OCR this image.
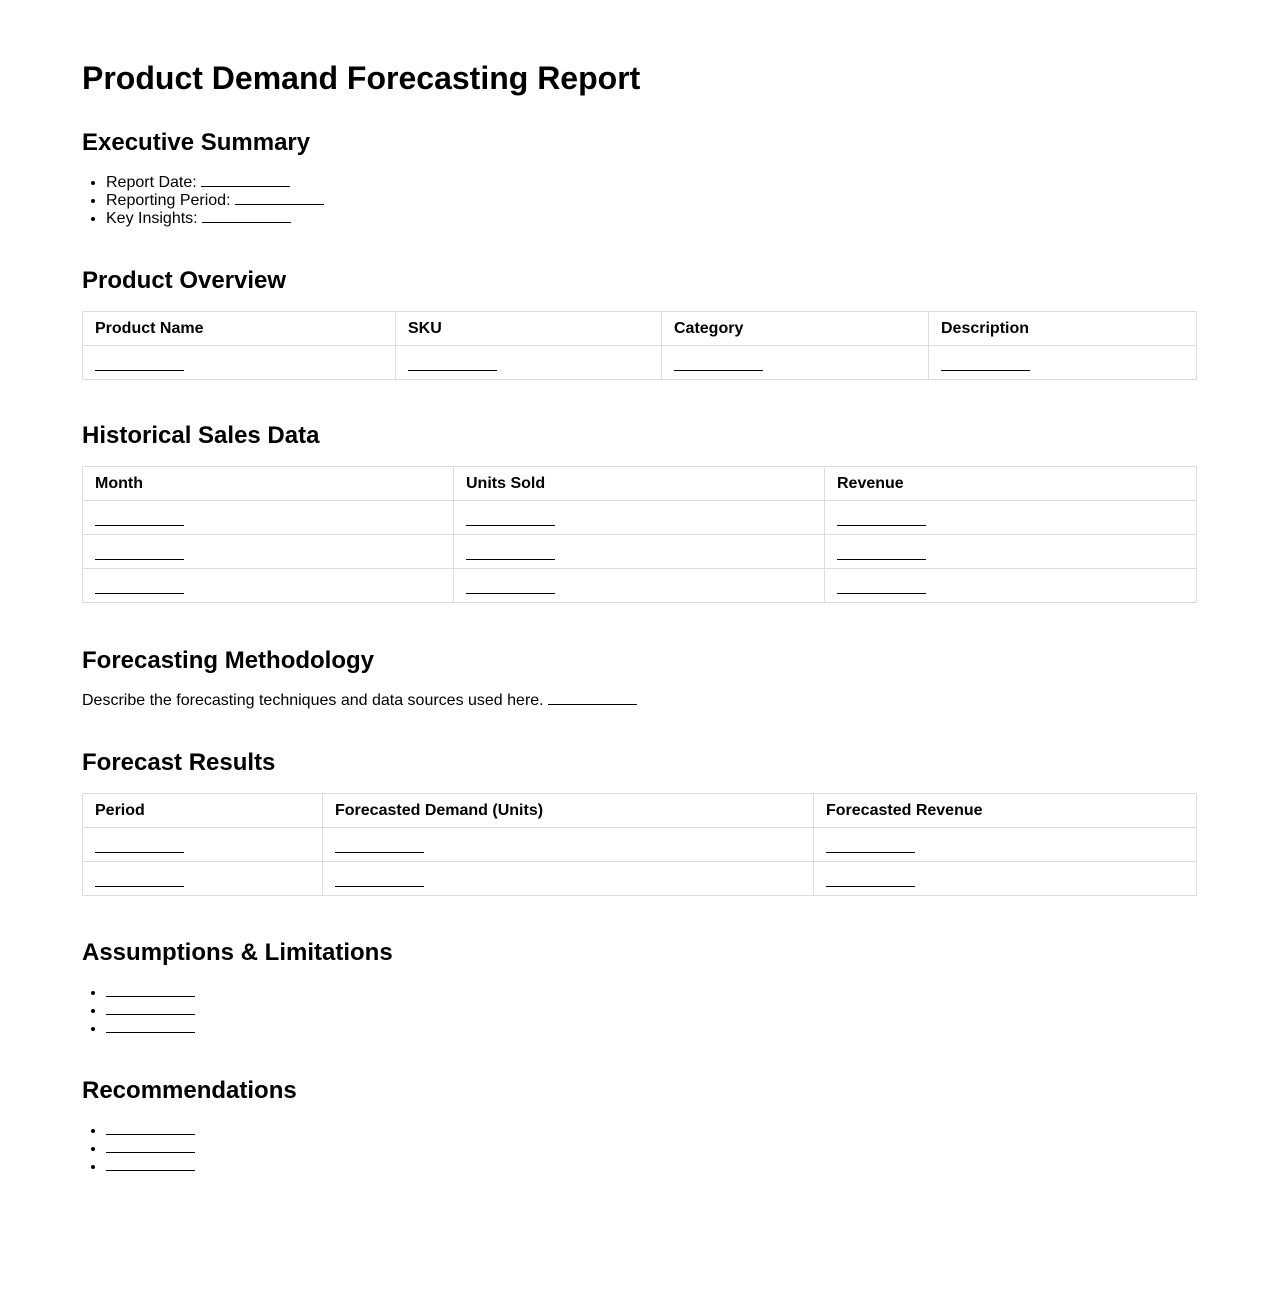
Product Demand Forecasting Report
Executive Summary
• Report Date:
• Reporting Period:
• Key Insights:
Product Overview
Product Name	SKU	Category	Description

Historical Sales Data
Month	Units Sold	Revenue

Forecasting Methodology

Describe the forecasting techniques and data sources used here.

Forecast Results
Period	Forecasted Demand (Units)	Forecasted Revenue

Assumptions & Limitations
•
•
•
Recommendations
•
•
•
